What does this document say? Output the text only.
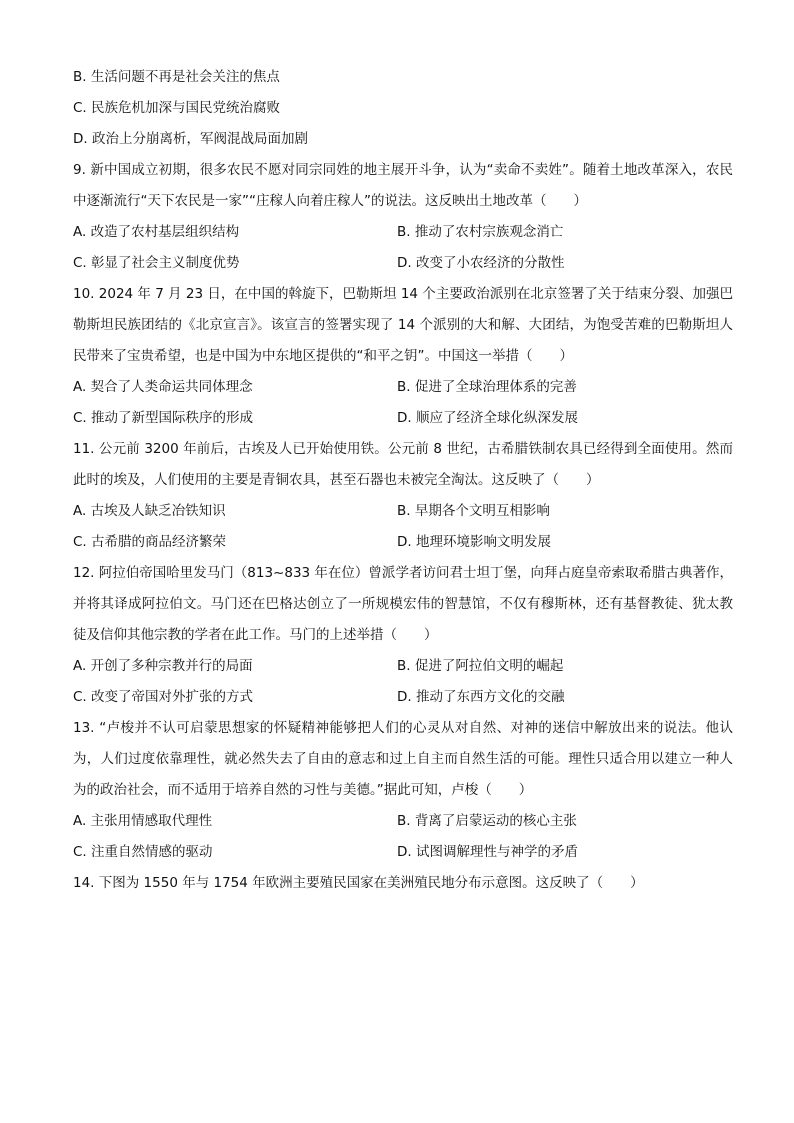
B. 生活问题不再是社会关注的焦点
C. 民族危机加深与国民党统治腐败
D. 政治上分崩离析，军阀混战局面加剧
9. 新中国成立初期，很多农民不愿对同宗同姓的地主展开斗争，认为“卖命不卖姓”。随着土地改革深入，农民中逐渐流行“天下农民是一家”“庄稼人向着庄稼人”的说法。这反映出土地改革（　　）
A. 改造了农村基层组织结构	B. 推动了农村宗族观念消亡
C. 彰显了社会主义制度优势	D. 改变了小农经济的分散性
10. 2024 年 7 月 23 日，在中国的斡旋下，巴勒斯坦 14 个主要政治派别在北京签署了关于结束分裂、加强巴勒斯坦民族团结的《北京宣言》。该宣言的签署实现了 14 个派别的大和解、大团结，为饱受苦难的巴勒斯坦人民带来了宝贵希望，也是中国为中东地区提供的“和平之钥”。中国这一举措（　　）
A. 契合了人类命运共同体理念	B. 促进了全球治理体系的完善
C. 推动了新型国际秩序的形成	D. 顺应了经济全球化纵深发展
11. 公元前 3200 年前后，古埃及人已开始使用铁。公元前 8 世纪，古希腊铁制农具已经得到全面使用。然而此时的埃及，人们使用的主要是青铜农具，甚至石器也未被完全淘汰。这反映了（　　）
A. 古埃及人缺乏冶铁知识	B. 早期各个文明互相影响
C. 古希腊的商品经济繁荣	D. 地理环境影响文明发展
12. 阿拉伯帝国哈里发马门（813~833 年在位）曾派学者访问君士坦丁堡，向拜占庭皇帝索取希腊古典著作，并将其译成阿拉伯文。马门还在巴格达创立了一所规模宏伟的智慧馆，不仅有穆斯林，还有基督教徒、犹太教徒及信仰其他宗教的学者在此工作。马门的上述举措（　　）
A. 开创了多种宗教并行的局面	B. 促进了阿拉伯文明的崛起
C. 改变了帝国对外扩张的方式	D. 推动了东西方文化的交融
13. “卢梭并不认可启蒙思想家的怀疑精神能够把人们的心灵从对自然、对神的迷信中解放出来的说法。他认为，人们过度依靠理性，就必然失去了自由的意志和过上自主而自然生活的可能。理性只适合用以建立一种人为的政治社会，而不适用于培养自然的习性与美德。”据此可知，卢梭（　　）
A. 主张用情感取代理性	B. 背离了启蒙运动的核心主张
C. 注重自然情感的驱动	D. 试图调解理性与神学的矛盾
14. 下图为 1550 年与 1754 年欧洲主要殖民国家在美洲殖民地分布示意图。这反映了（　　）
